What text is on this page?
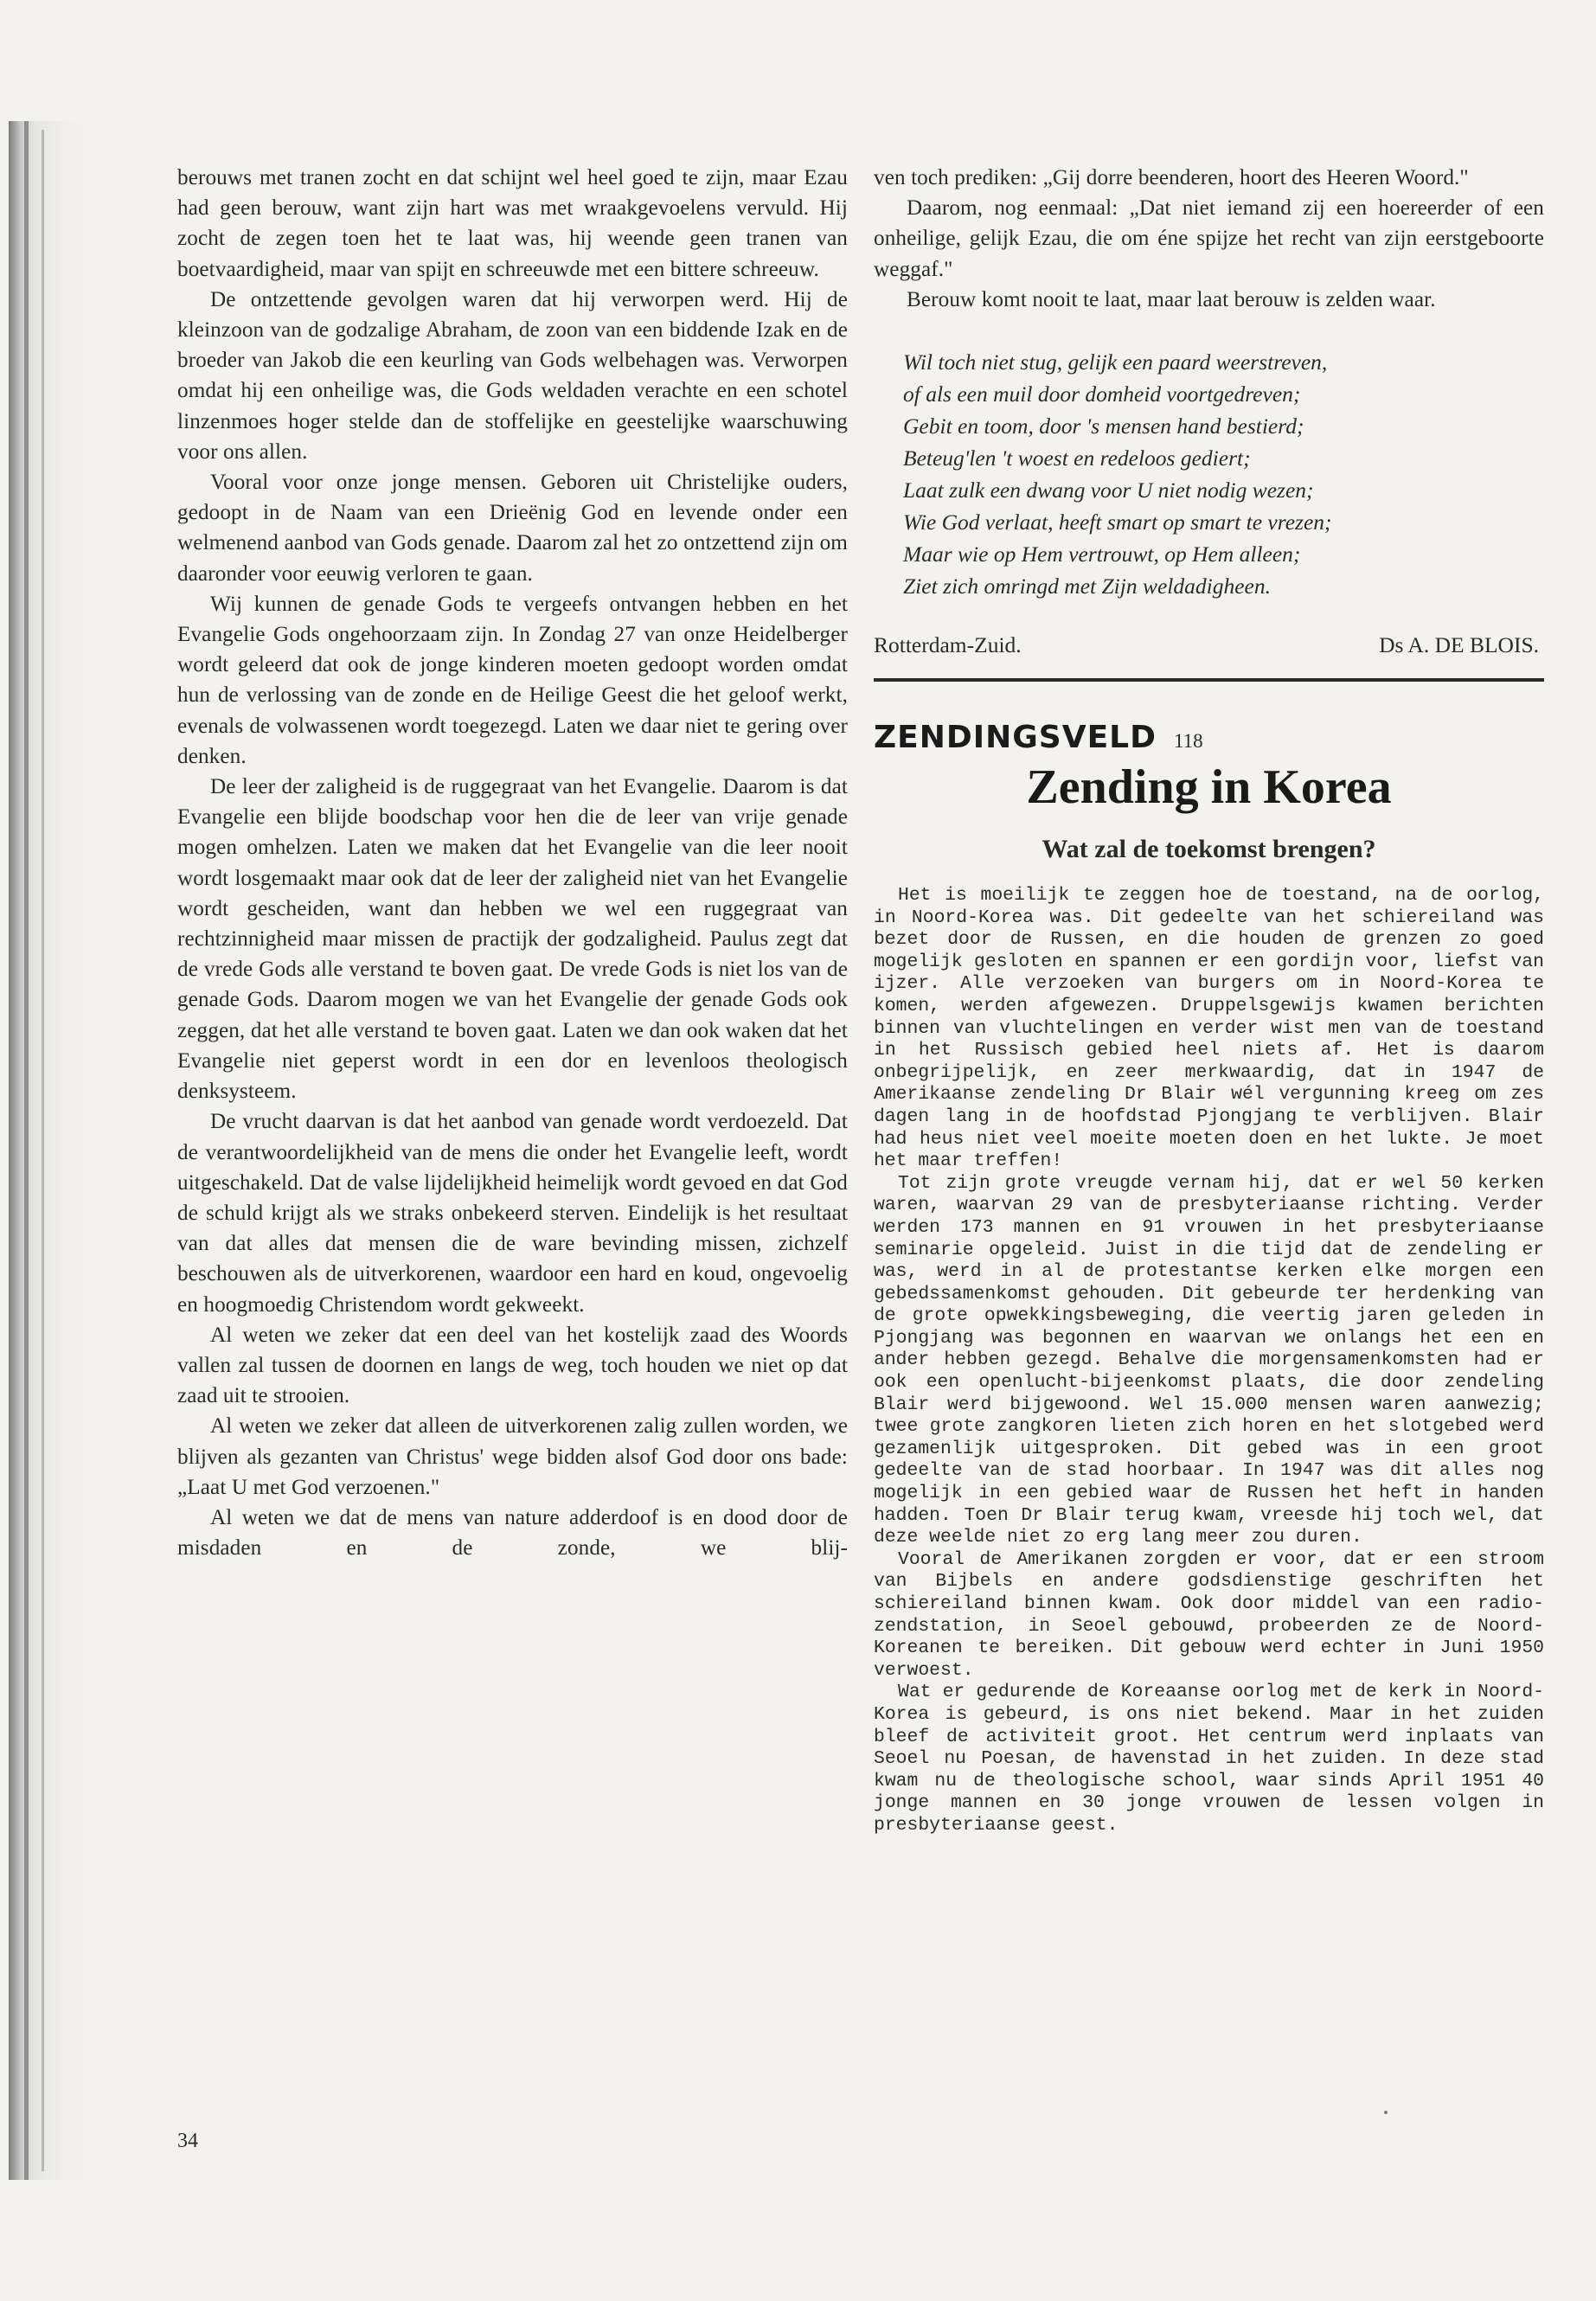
berouws met tranen zocht en dat schijnt wel heel goed te zijn, maar Ezau had geen berouw, want zijn hart was met wraakgevoelens vervuld. Hij zocht de zegen toen het te laat was, hij weende geen tranen van boetvaardigheid, maar van spijt en schreeuwde met een bittere schreeuw.

De ontzettende gevolgen waren dat hij verworpen werd. Hij de kleinzoon van de godzalige Abraham, de zoon van een biddende Izak en de broeder van Jakob die een keurling van Gods welbehagen was. Verworpen omdat hij een onheilige was, die Gods weldaden verachte en een schotel linzenmoes hoger stelde dan de stoffelijke en geestelijke waarschuwing voor ons allen.

Vooral voor onze jonge mensen. Geboren uit Christelijke ouders, gedoopt in de Naam van een Drieënig God en levende onder een welmenend aanbod van Gods genade. Daarom zal het zo ontzettend zijn om daaronder voor eeuwig verloren te gaan.

Wij kunnen de genade Gods te vergeefs ontvangen hebben en het Evangelie Gods ongehoorzaam zijn. In Zondag 27 van onze Heidelberger wordt geleerd dat ook de jonge kinderen moeten gedoopt worden omdat hun de verlossing van de zonde en de Heilige Geest die het geloof werkt, evenals de volwassenen wordt toegezegd. Laten we daar niet te gering over denken.

De leer der zaligheid is de ruggegraat van het Evangelie. Daarom is dat Evangelie een blijde boodschap voor hen die de leer van vrije genade mogen omhelzen. Laten we maken dat het Evangelie van die leer nooit wordt losgemaakt maar ook dat de leer der zaligheid niet van het Evangelie wordt gescheiden, want dan hebben we wel een ruggegraat van rechtzinnigheid maar missen de practijk der godzaligheid. Paulus zegt dat de vrede Gods alle verstand te boven gaat. De vrede Gods is niet los van de genade Gods. Daarom mogen we van het Evangelie der genade Gods ook zeggen, dat het alle verstand te boven gaat. Laten we dan ook waken dat het Evangelie niet geperst wordt in een dor en levenloos theologisch denksysteem.

De vrucht daarvan is dat het aanbod van genade wordt verdoezeld. Dat de verantwoordelijkheid van de mens die onder het Evangelie leeft, wordt uitgeschakeld. Dat de valse lijdelijkheid heimelijk wordt gevoed en dat God de schuld krijgt als we straks onbekeerd sterven. Eindelijk is het resultaat van dat alles dat mensen die de ware bevinding missen, zichzelf beschouwen als de uitverkorenen, waardoor een hard en koud, ongevoelig en hoogmoedig Christendom wordt gekweekt.

Al weten we zeker dat een deel van het kostelijk zaad des Woords vallen zal tussen de doornen en langs de weg, toch houden we niet op dat zaad uit te strooien.

Al weten we zeker dat alleen de uitverkorenen zalig zullen worden, we blijven als gezanten van Christus' wege bidden alsof God door ons bade: „Laat U met God verzoenen."

Al weten we dat de mens van nature adderdoof is en dood door de misdaden en de zonde, we blij-

ven toch prediken: „Gij dorre beenderen, hoort des Heeren Woord."

Daarom, nog eenmaal: „Dat niet iemand zij een hoereerder of een onheilige, gelijk Ezau, die om éne spijze het recht van zijn eerstgeboorte weggaf."

Berouw komt nooit te laat, maar laat berouw is zelden waar.

Wil toch niet stug, gelijk een paard weerstreven,
of als een muil door domheid voortgedreven;
Gebit en toom, door 's mensen hand bestierd;
Beteug'len 't woest en redeloos gediert;
Laat zulk een dwang voor U niet nodig wezen;
Wie God verlaat, heeft smart op smart te vrezen;
Maar wie op Hem vertrouwt, op Hem alleen;
Ziet zich omringd met Zijn weldadigheen.
Rotterdam-Zuid.	Ds A. DE BLOIS.
ZENDINGSVELD 118
Zending in Korea
Wat zal de toekomst brengen?

Het is moeilijk te zeggen hoe de toestand, na de oorlog, in Noord-Korea was. Dit gedeelte van het schiereiland was bezet door de Russen, en die houden de grenzen zo goed mogelijk gesloten en spannen er een gordijn voor, liefst van ijzer. Alle verzoeken van burgers om in Noord-Korea te komen, werden afgewezen. Druppelsgewijs kwamen berichten binnen van vluchtelingen en verder wist men van de toestand in het Russisch gebied heel niets af. Het is daarom onbegrijpelijk, en zeer merkwaardig, dat in 1947 de Amerikaanse zendeling Dr Blair wél vergunning kreeg om zes dagen lang in de hoofdstad Pjongjang te verblijven. Blair had heus niet veel moeite moeten doen en het lukte. Je moet het maar treffen!

Tot zijn grote vreugde vernam hij, dat er wel 50 kerken waren, waarvan 29 van de presbyteriaanse richting. Verder werden 173 mannen en 91 vrouwen in het presbyteriaanse seminarie opgeleid. Juist in die tijd dat de zendeling er was, werd in al de protestantse kerken elke morgen een gebedssamenkomst gehouden. Dit gebeurde ter herdenking van de grote opwekkingsbeweging, die veertig jaren geleden in Pjongjang was begonnen en waarvan we onlangs het een en ander hebben gezegd. Behalve die morgensamenkomsten had er ook een openlucht-bijeenkomst plaats, die door zendeling Blair werd bijgewoond. Wel 15.000 mensen waren aanwezig; twee grote zangkoren lieten zich horen en het slotgebed werd gezamenlijk uitgesproken. Dit gebed was in een groot gedeelte van de stad hoorbaar. In 1947 was dit alles nog mogelijk in een gebied waar de Russen het heft in handen hadden. Toen Dr Blair terug kwam, vreesde hij toch wel, dat deze weelde niet zo erg lang meer zou duren.

Vooral de Amerikanen zorgden er voor, dat er een stroom van Bijbels en andere godsdienstige geschriften het schiereiland binnen kwam. Ook door middel van een radio-zendstation, in Seoel gebouwd, probeerden ze de Noord-Koreanen te bereiken. Dit gebouw werd echter in Juni 1950 verwoest.

Wat er gedurende de Koreaanse oorlog met de kerk in Noord-Korea is gebeurd, is ons niet bekend. Maar in het zuiden bleef de activiteit groot. Het centrum werd inplaats van Seoel nu Poesan, de havenstad in het zuiden. In deze stad kwam nu de theologische school, waar sinds April 1951 40 jonge mannen en 30 jonge vrouwen de lessen volgen in presbyteriaanse geest.

34
